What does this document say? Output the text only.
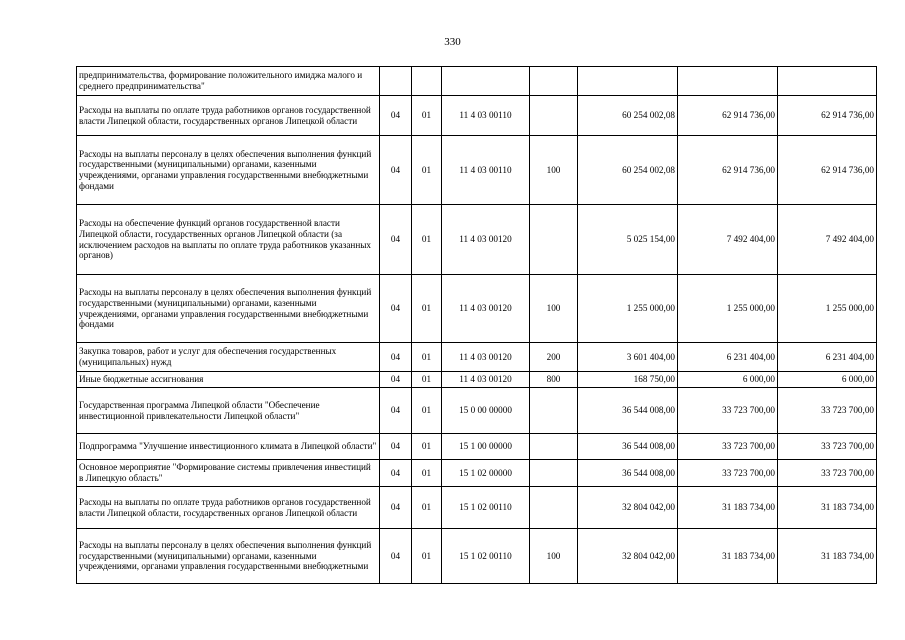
330
предпринимательства, формирование положительного имиджа малого и среднего предпринимательства"							
Расходы на выплаты по оплате труда работников органов государственной власти Липецкой области, государственных органов Липецкой области	04	01	11 4 03 00110		60 254 002,08	62 914 736,00	62 914 736,00
Расходы на выплаты персоналу в целях обеспечения выполнения функций государственными (муниципальными) органами, казенными учреждениями, органами управления государственными внебюджетными фондами	04	01	11 4 03 00110	100	60 254 002,08	62 914 736,00	62 914 736,00
Расходы на обеспечение функций органов государственной власти Липецкой области, государственных органов Липецкой области (за исключением расходов на выплаты по оплате труда работников указанных органов)	04	01	11 4 03 00120		5 025 154,00	7 492 404,00	7 492 404,00
Расходы на выплаты персоналу в целях обеспечения выполнения функций государственными (муниципальными) органами, казенными учреждениями, органами управления государственными внебюджетными фондами	04	01	11 4 03 00120	100	1 255 000,00	1 255 000,00	1 255 000,00
Закупка товаров, работ и услуг для обеспечения государственных (муниципальных) нужд	04	01	11 4 03 00120	200	3 601 404,00	6 231 404,00	6 231 404,00
Иные бюджетные ассигнования	04	01	11 4 03 00120	800	168 750,00	6 000,00	6 000,00
Государственная программа Липецкой области "Обеспечение инвестиционной привлекательности Липецкой области"	04	01	15 0 00 00000		36 544 008,00	33 723 700,00	33 723 700,00
Подпрограмма "Улучшение инвестиционного климата в Липецкой области"	04	01	15 1 00 00000		36 544 008,00	33 723 700,00	33 723 700,00
Основное мероприятие "Формирование системы привлечения инвестиций в Липецкую область"	04	01	15 1 02 00000		36 544 008,00	33 723 700,00	33 723 700,00
Расходы на выплаты по оплате труда работников органов государственной власти Липецкой области, государственных органов Липецкой области	04	01	15 1 02 00110		32 804 042,00	31 183 734,00	31 183 734,00
Расходы на выплаты персоналу в целях обеспечения выполнения функций государственными (муниципальными) органами, казенными учреждениями, органами управления государственными внебюджетными	04	01	15 1 02 00110	100	32 804 042,00	31 183 734,00	31 183 734,00
